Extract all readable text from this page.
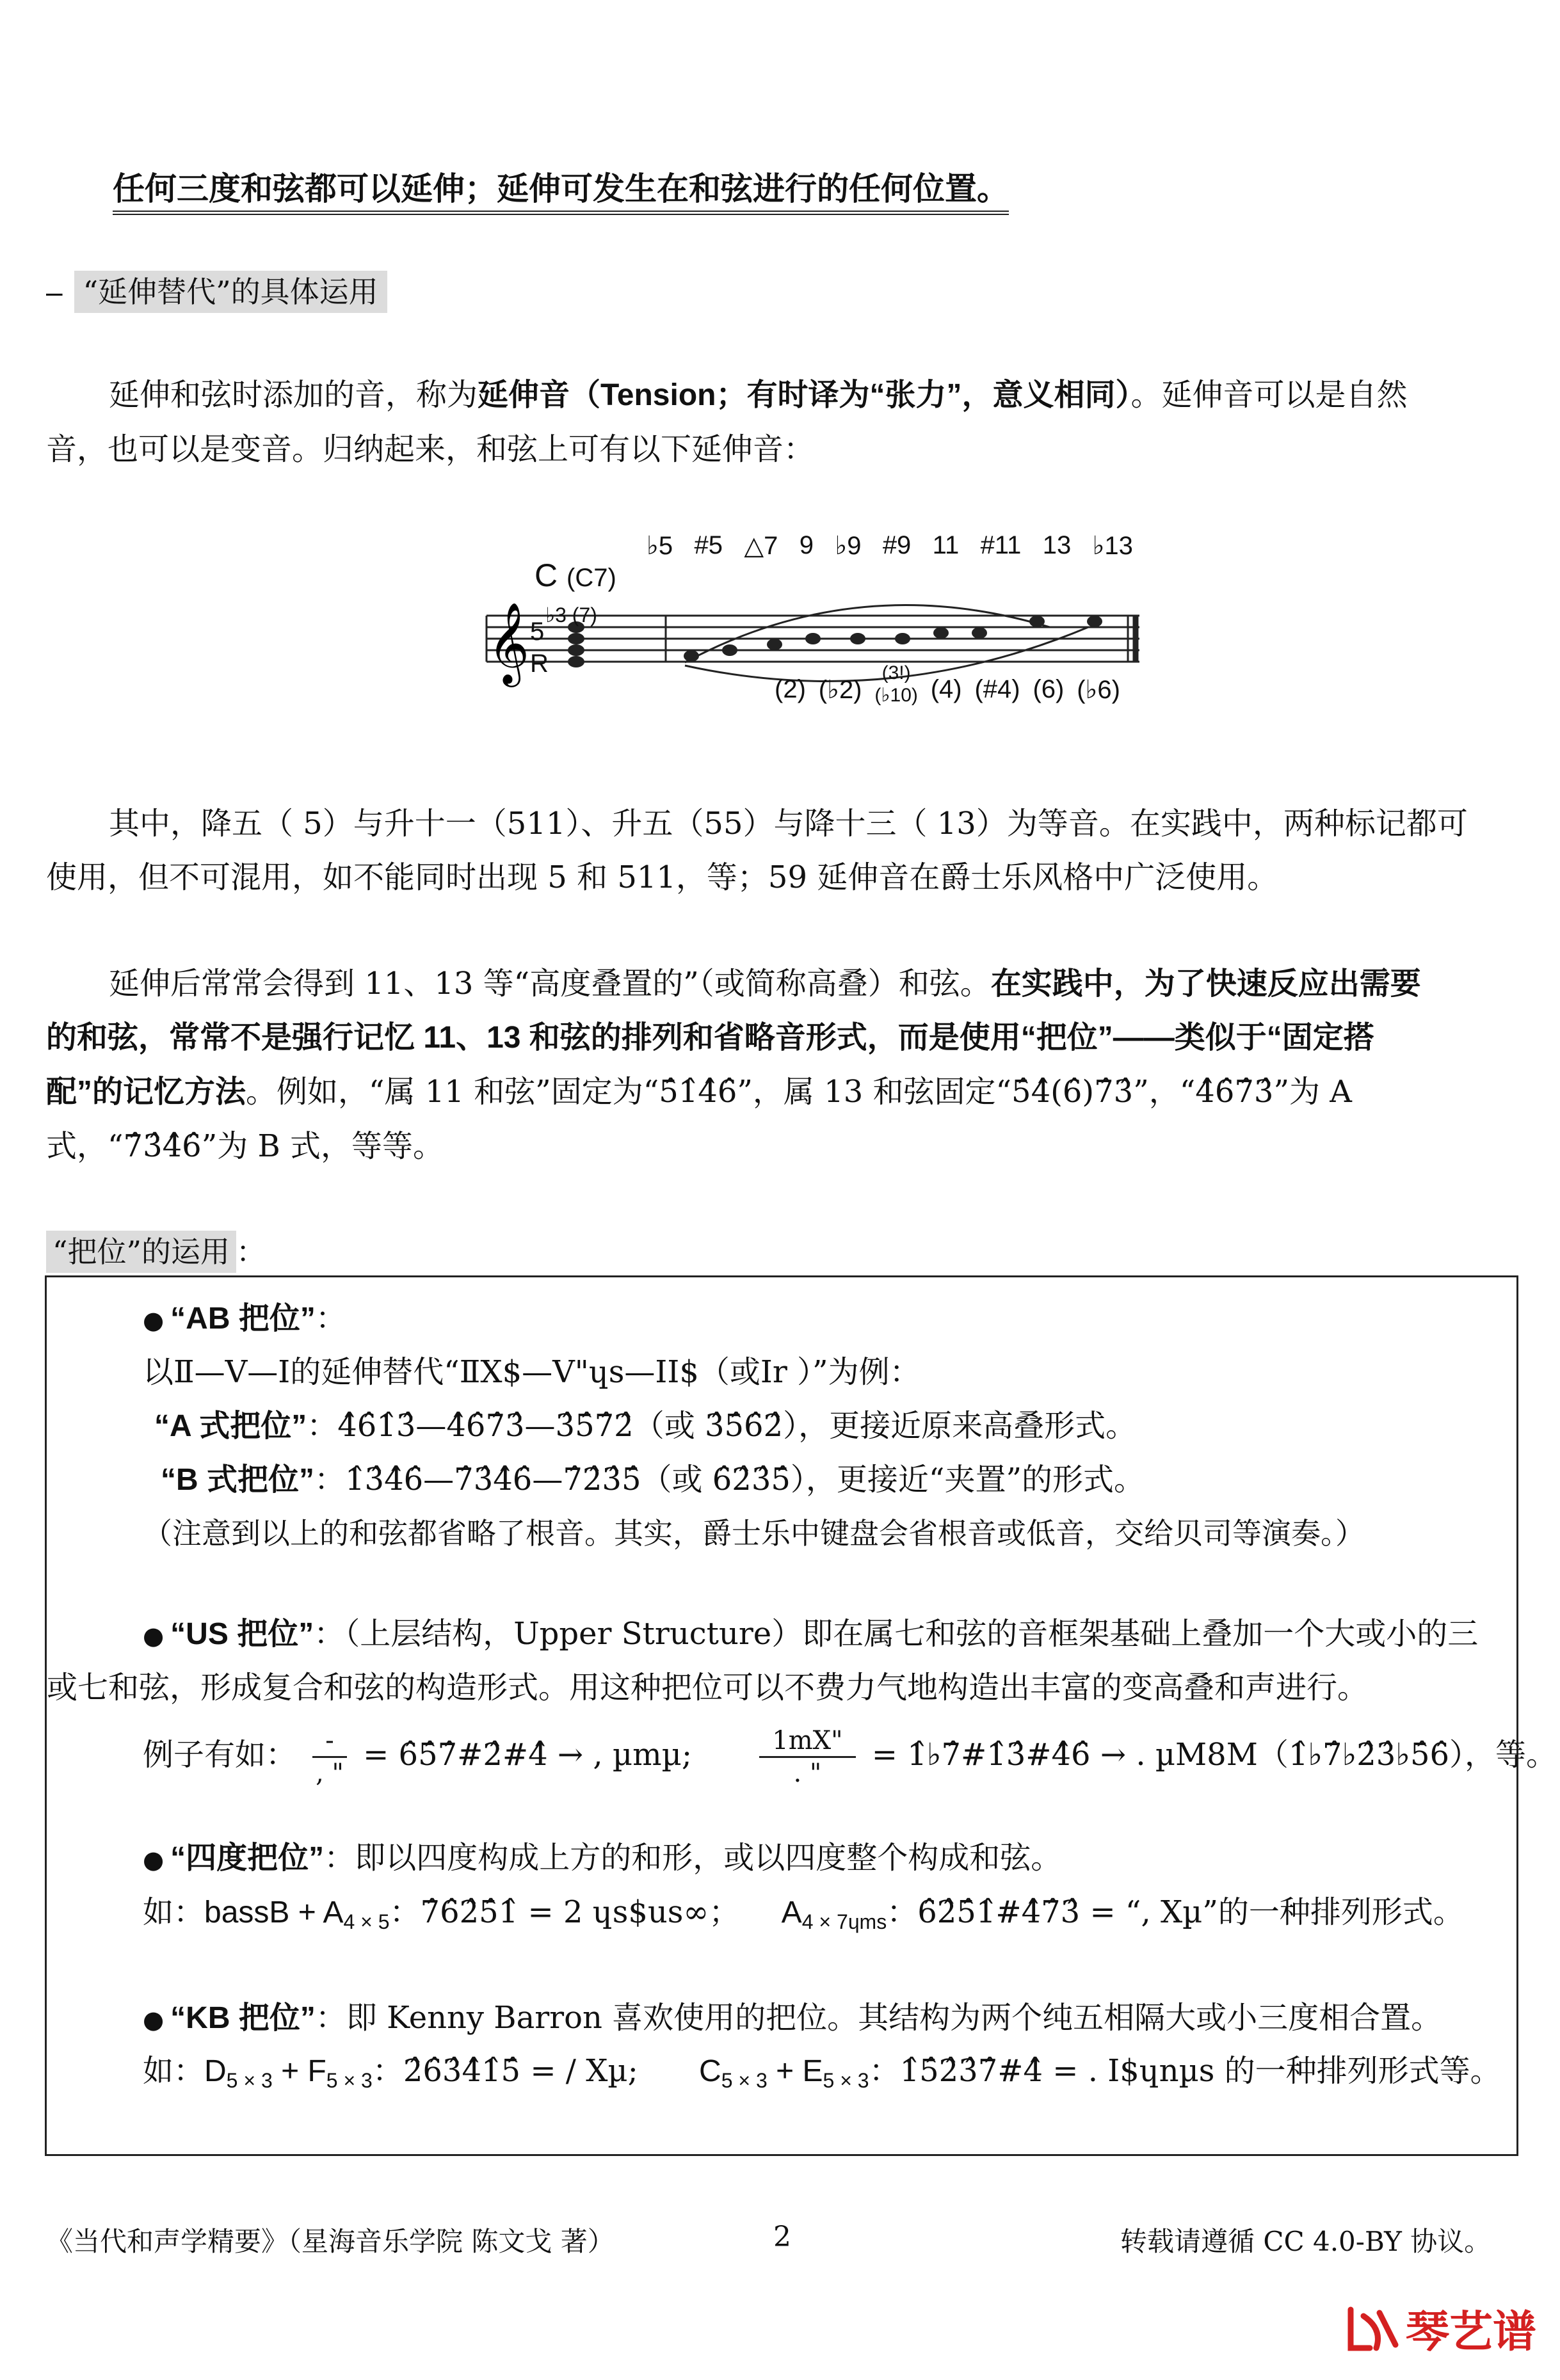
任何三度和弦都可以延伸；延伸可发生在和弦进行的任何位置。
– “延伸替代”的具体运用
延伸和弦时添加的音，称为延伸音（Tension；有时译为“张力”，意义相同）。延伸音可以是自然
音，也可以是变音。归纳起来，和弦上可有以下延伸音：
𝄞
C (C7)
5
R
♭3 (7)
♭5 #5 △7 9 ♭9 #9 11 #11 13 ♭13
(2) (♭2)
(3!)
(♭10) (4) (#4) (6) (♭6)
其中，降五（ 5）与升十一（511）、升五（55）与降十三（ 13）为等音。在实践中，两种标记都可
使用，但不可混用，如不能同时出现 5 和 511，等；59 延伸音在爵士乐风格中广泛使用。
延伸后常常会得到 11、13 等“高度叠置的”（或简称高叠）和弦。在实践中，为了快速反应出需要
的和弦，常常不是强行记忆 11、13 和弦的排列和省略音形式，而是使用“把位”——类似于“固定搭
配”的记忆方法。例如，“属 11 和弦”固定为“5̂1̂4̂6̂”，属 13 和弦固定“5̂4̂(6̂)7̂3̂”，“4̂6̂7̂3̂”为 A
式，“7̂3̂4̂6̂”为 B 式，等等。
“把位”的运用 ：
● “AB 把位”：
以Ⅱ—Ⅴ—Ⅰ的延伸替代“ⅡX$—Ⅴ"ɥs—ⅠI$（或Ⅰr ）”为例：
“A 式把位”：4̂6̂1̂3̂—4̂6̂7̂3̂—3̂5̂7̂2̂（或 3̂5̂6̂2̂），更接近原来高叠形式。
“B 式把位”：1̂3̂4̂6̂—7̂3̂4̂6̂—7̂2̂3̂5̂（或 6̂2̂3̂5̂），更接近“夹置”的形式。
（注意到以上的和弦都省略了根音。其实，爵士乐中键盘会省根音或低音，交给贝司等演奏。）
● “US 把位”：（上层结构，Upper Structure）即在属七和弦的音框架基础上叠加一个大或小的三
或七和弦，形成复合和弦的构造形式。用这种把位可以不费力气地构造出丰富的变高叠和声进行。
例子有如： $\frac{-}{, "}$ = 6̂5̂7̂#2̂#4̂ → , µmµ;	$\frac{1mX"}{. "}$ = 1̂♭7̂#1̂3̂#4̂6̂ → . µM8M（1̂♭7̂♭2̂3̂♭5̂6̂），等。
● “四度把位”：即以四度构成上方的和形，或以四度整个构成和弦。
如：bassB + $A_{4 \times 5}$：7̂6̂2̂5̂1̂ = 2 ɥs$us∞； $A_{4 \times 7ɥms}$：6̂2̂5̂1̂#4̂7̂3̂ = “, Xµ”的一种排列形式。
● “KB 把位”：即 Kenny Barron 喜欢使用的把位。其结构为两个纯五相隔大或小三度相合置。
如：$D_{5 \times 3} + F_{5 \times 3}$：2̂6̂3̂4̂1̂5̂ = / Xµ; $C_{5 \times 3} + E_{5 \times 3}$：1̂5̂2̂3̂7̂#4̂ = . I$ɥnµs 的一种排列形式等。
《当代和声学精要》（星海音乐学院 陈文戈 著）	2	转载请遵循 CC 4.0-BY 协议。
琴艺谱
